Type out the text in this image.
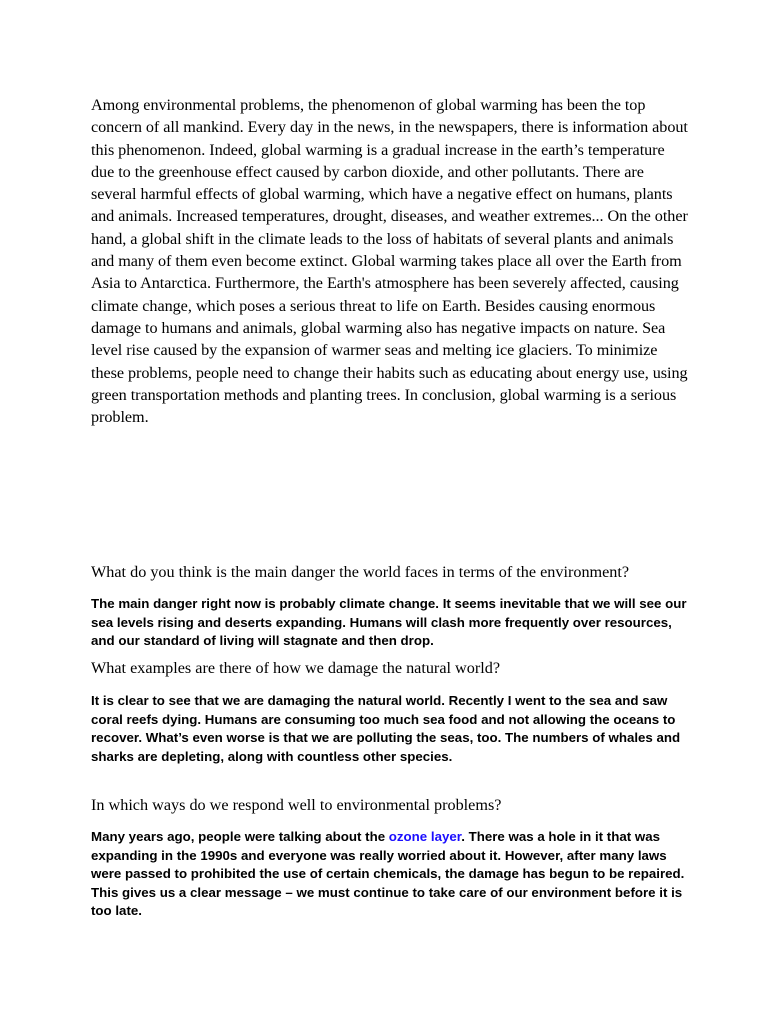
Among environmental problems, the phenomenon of global warming has been the top concern of all mankind. Every day in the news, in the newspapers, there is information about this phenomenon. Indeed, global warming is a gradual increase in the earth’s temperature due to the greenhouse effect caused by carbon dioxide, and other pollutants. There are several harmful effects of global warming, which have a negative effect on humans, plants and animals. Increased temperatures, drought, diseases, and weather extremes... On the other hand, a global shift in the climate leads to the loss of habitats of several plants and animals and many of them even become extinct. Global warming takes place all over the Earth from Asia to Antarctica. Furthermore, the Earth's atmosphere has been severely affected, causing climate change, which poses a serious threat to life on Earth. Besides causing enormous damage to humans and animals, global warming also has negative impacts on nature. Sea level rise caused by the expansion of warmer seas and melting ice glaciers. To minimize these problems, people need to change their habits such as educating about energy use, using green transportation methods and planting trees. In conclusion, global warming is a serious problem.

What do you think is the main danger the world faces in terms of the environment?

The main danger right now is probably climate change. It seems inevitable that we will see our sea levels rising and deserts expanding. Humans will clash more frequently over resources, and our standard of living will stagnate and then drop.

What examples are there of how we damage the natural world?

It is clear to see that we are damaging the natural world. Recently I went to the sea and saw coral reefs dying. Humans are consuming too much sea food and not allowing the oceans to recover. What’s even worse is that we are polluting the seas, too. The numbers of whales and sharks are depleting, along with countless other species.

In which ways do we respond well to environmental problems?

Many years ago, people were talking about the ozone layer. There was a hole in it that was expanding in the 1990s and everyone was really worried about it. However, after many laws were passed to prohibited the use of certain chemicals, the damage has begun to be repaired. This gives us a clear message – we must continue to take care of our environment before it is too late.
